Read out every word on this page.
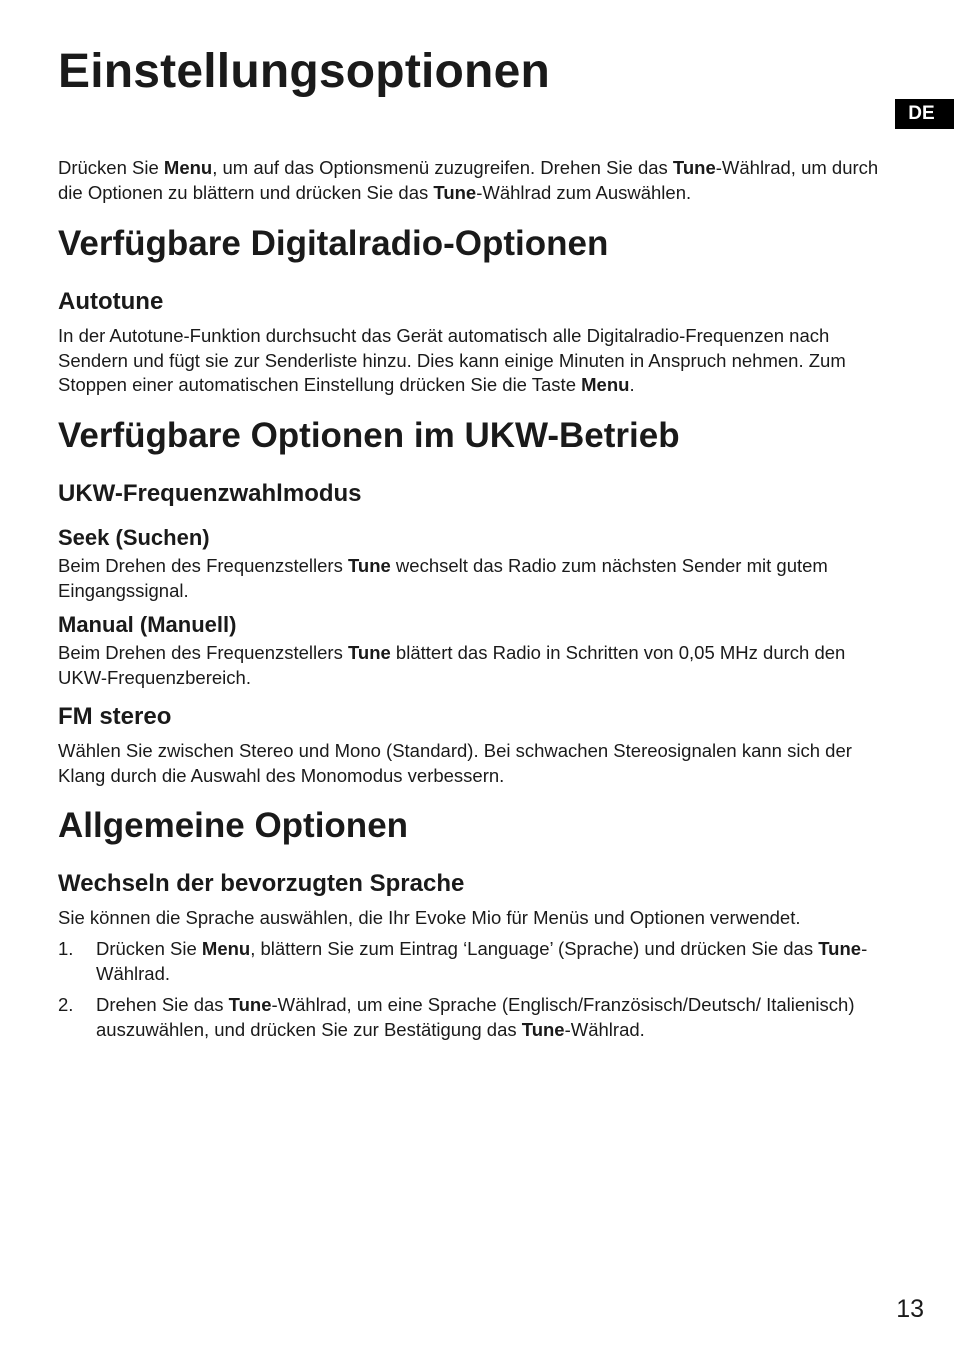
Einstellungsoptionen
DE

Drücken Sie Menu, um auf das Optionsmenü zuzugreifen. Drehen Sie das Tune-Wählrad, um durch die Optionen zu blättern und drücken Sie das Tune-Wählrad zum Auswählen.

Verfügbare Digitalradio-Optionen
Autotune

In der Autotune-Funktion durchsucht das Gerät automatisch alle Digitalradio-Frequenzen nach Sendern und fügt sie zur Senderliste hinzu. Dies kann einige Minuten in Anspruch nehmen. Zum Stoppen einer automatischen Einstellung drücken Sie die Taste Menu.

Verfügbare Optionen im UKW-Betrieb
UKW-Frequenzwahlmodus
Seek (Suchen)

Beim Drehen des Frequenzstellers Tune wechselt das Radio zum nächsten Sender mit gutem Eingangssignal.

Manual (Manuell)

Beim Drehen des Frequenzstellers Tune blättert das Radio in Schritten von 0,05 MHz durch den UKW-Frequenzbereich.

FM stereo

Wählen Sie zwischen Stereo und Mono (Standard). Bei schwachen Stereosignalen kann sich der Klang durch die Auswahl des Monomodus verbessern.

Allgemeine Optionen
Wechseln der bevorzugten Sprache

Sie können die Sprache auswählen, die Ihr Evoke Mio für Menüs und Optionen verwendet.

1. Drücken Sie Menu, blättern Sie zum Eintrag ‘Language’ (Sprache) und drücken Sie das Tune-Wählrad.

2. Drehen Sie das Tune-Wählrad, um eine Sprache (Englisch/Französisch/Deutsch/ Italienisch) auszuwählen, und drücken Sie zur Bestätigung das Tune-Wählrad.

13
